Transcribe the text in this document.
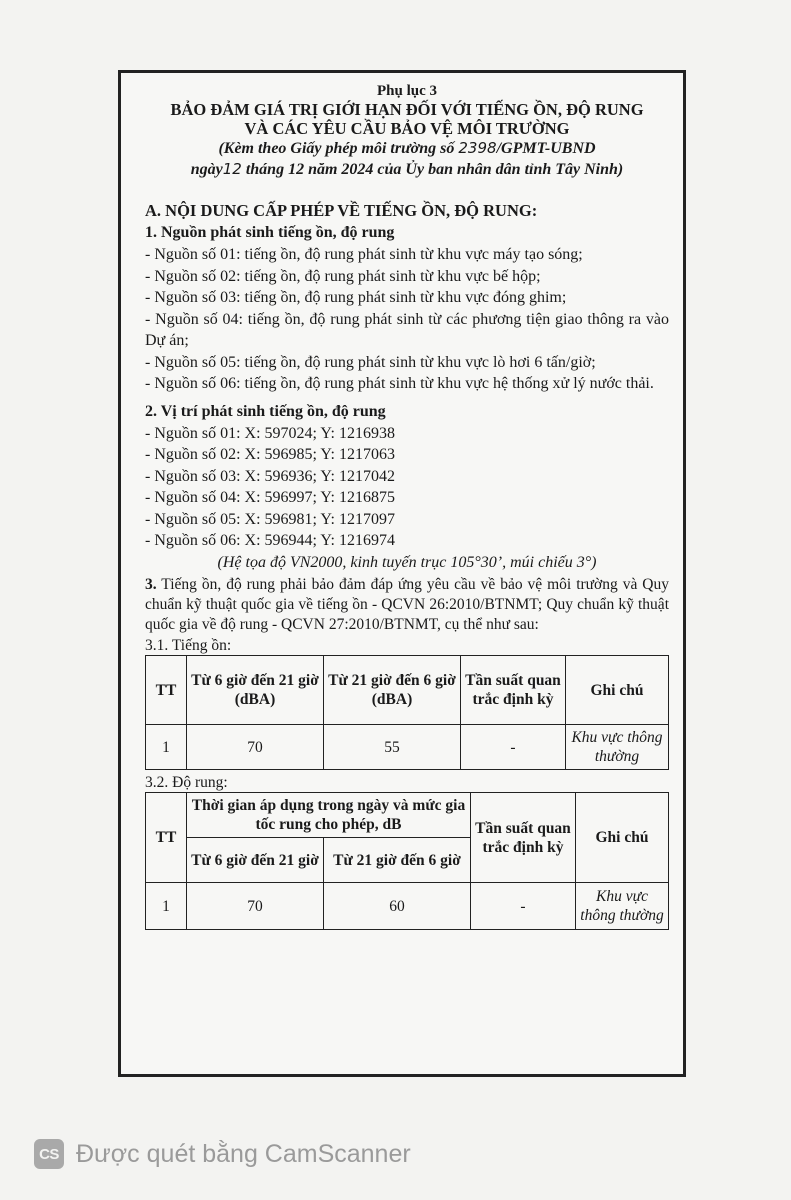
Phụ lục 3
BẢO ĐẢM GIÁ TRỊ GIỚI HẠN ĐỐI VỚI TIẾNG ỒN, ĐỘ RUNG
VÀ CÁC YÊU CẦU BẢO VỆ MÔI TRƯỜNG
(Kèm theo Giấy phép môi trường số 2398/GPMT-UBND
ngày12 tháng 12 năm 2024 của Ủy ban nhân dân tỉnh Tây Ninh)
A. NỘI DUNG CẤP PHÉP VỀ TIẾNG ỒN, ĐỘ RUNG:
1. Nguồn phát sinh tiếng ồn, độ rung

- Nguồn số 01: tiếng ồn, độ rung phát sinh từ khu vực máy tạo sóng;

- Nguồn số 02: tiếng ồn, độ rung phát sinh từ khu vực bế hộp;

- Nguồn số 03: tiếng ồn, độ rung phát sinh từ khu vực đóng ghim;

- Nguồn số 04: tiếng ồn, độ rung phát sinh từ các phương tiện giao thông ra vào Dự án;

- Nguồn số 05: tiếng ồn, độ rung phát sinh từ khu vực lò hơi 6 tấn/giờ;

- Nguồn số 06: tiếng ồn, độ rung phát sinh từ khu vực hệ thống xử lý nước thải.

2. Vị trí phát sinh tiếng ồn, độ rung

- Nguồn số 01: X: 597024; Y: 1216938

- Nguồn số 02: X: 596985; Y: 1217063

- Nguồn số 03: X: 596936; Y: 1217042

- Nguồn số 04: X: 596997; Y: 1216875

- Nguồn số 05: X: 596981; Y: 1217097

- Nguồn số 06: X: 596944; Y: 1216974

(Hệ tọa độ VN2000, kinh tuyến trục 105°30’, múi chiếu 3°)

3. Tiếng ồn, độ rung phải bảo đảm đáp ứng yêu cầu về bảo vệ môi trường và Quy chuẩn kỹ thuật quốc gia về tiếng ồn - QCVN 26:2010/BTNMT; Quy chuẩn kỹ thuật quốc gia về độ rung - QCVN 27:2010/BTNMT, cụ thể như sau:

3.1. Tiếng ồn:
TT	Từ 6 giờ đến 21 giờ (dBA)	Từ 21 giờ đến 6 giờ (dBA)	Tần suất quan trắc định kỳ	Ghi chú
1	70	55	-	Khu vực thông thường
3.2. Độ rung:
TT	Thời gian áp dụng trong ngày và mức gia tốc rung cho phép, dB		Tần suất quan trắc định kỳ	Ghi chú
	Từ 6 giờ đến 21 giờ	Từ 21 giờ đến 6 giờ		
1	70	60	-	Khu vực thông thường
CS Được quét bằng CamScanner
